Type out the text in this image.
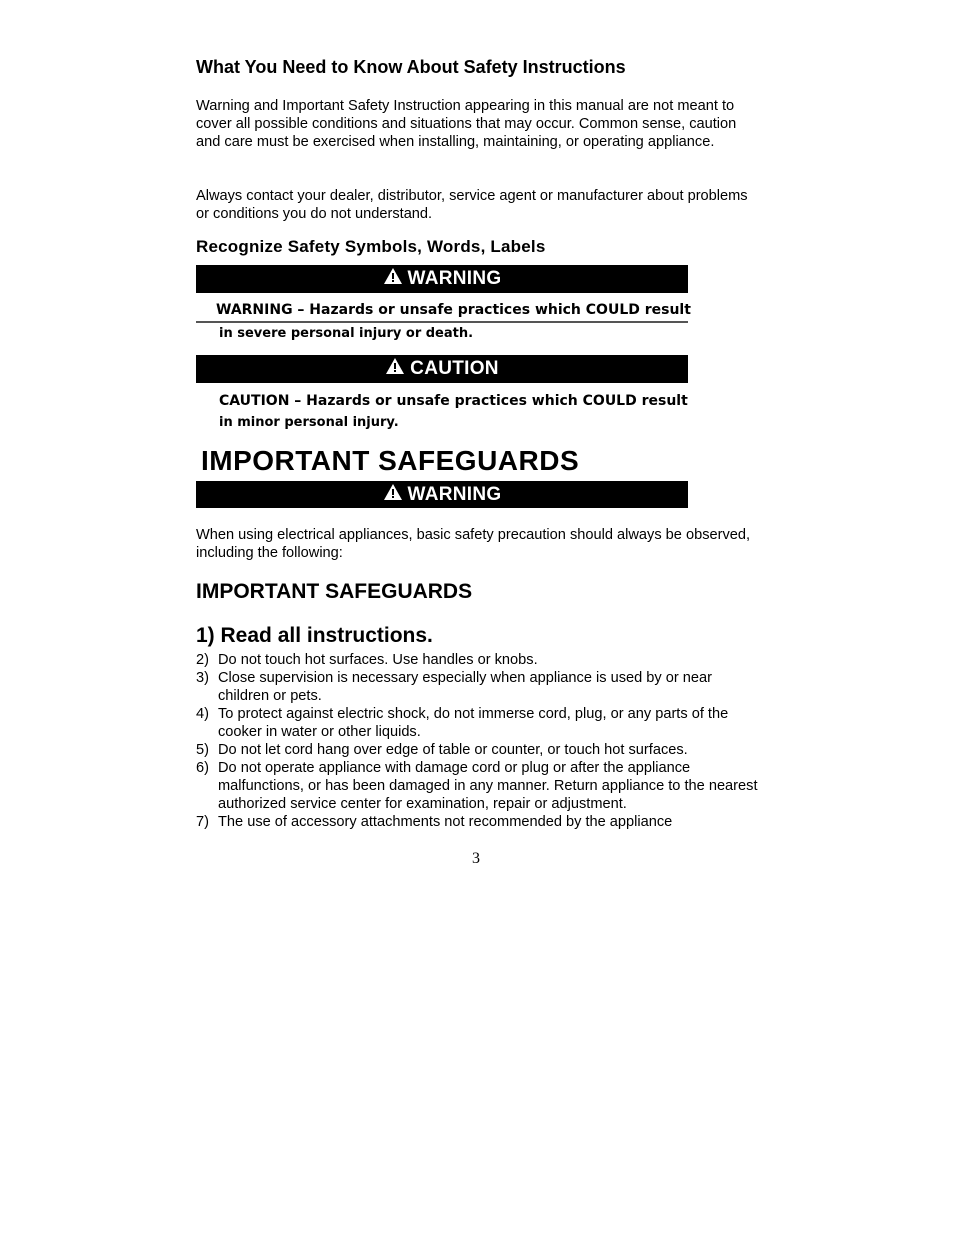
What You Need to Know About Safety Instructions
Warning and Important Safety Instruction appearing in this manual are not meant to cover all possible conditions and situations that may occur. Common sense, caution and care must be exercised when installing, maintaining, or operating appliance.
Always contact your dealer, distributor, service agent or manufacturer about problems or conditions you do not understand.
Recognize Safety Symbols, Words, Labels
WARNING
WARNING – Hazards or unsafe practices which COULD result
in severe personal injury or death.
CAUTION
CAUTION – Hazards or unsafe practices which COULD result
in minor personal injury.
IMPORTANT SAFEGUARDS
WARNING
When using electrical appliances, basic safety precaution should always be observed, including the following:
IMPORTANT SAFEGUARDS
1) Read all instructions.
2) Do not touch hot surfaces. Use handles or knobs.
3) Close supervision is necessary especially when appliance is used by or near children or pets.
4) To protect against electric shock, do not immerse cord, plug, or any parts of the cooker in water or other liquids.
5) Do not let cord hang over edge of table or counter, or touch hot surfaces.
6) Do not operate appliance with damage cord or plug or after the appliance malfunctions, or has been damaged in any manner. Return appliance to the nearest authorized service center for examination, repair or adjustment.
7) The use of accessory attachments not recommended by the appliance
3
